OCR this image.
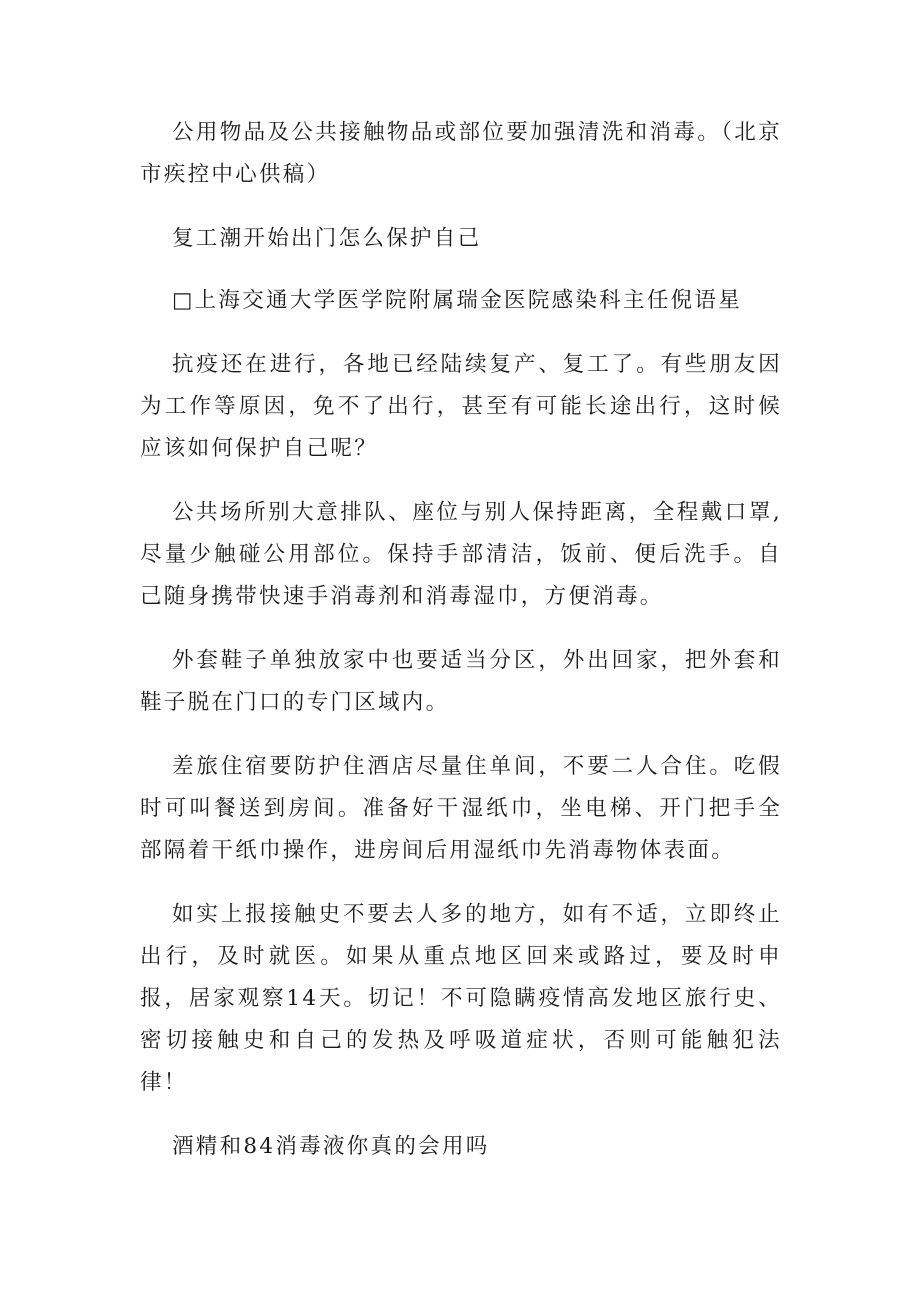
公用物品及公共接触物品或部位要加强清洗和消毒。（北京市疾控中心供稿）

复工潮开始出门怎么保护自己

□上海交通大学医学院附属瑞金医院感染科主任倪语星

抗疫还在进行，各地已经陆续复产、复工了。有些朋友因为工作等原因，免不了出行，甚至有可能长途出行，这时候应该如何保护自己呢？

公共场所别大意排队、座位与别人保持距离，全程戴口罩,尽量少触碰公用部位。保持手部清洁，饭前、便后洗手。自己随身携带快速手消毒剂和消毒湿巾，方便消毒。

外套鞋子单独放家中也要适当分区，外出回家，把外套和鞋子脱在门口的专门区域内。

差旅住宿要防护住酒店尽量住单间，不要二人合住。吃假时可叫餐送到房间。准备好干湿纸巾，坐电梯、开门把手全部隔着干纸巾操作，进房间后用湿纸巾先消毒物体表面。

如实上报接触史不要去人多的地方，如有不适，立即终止出行，及时就医。如果从重点地区回来或路过，要及时申报，居家观察14天。切记！不可隐瞒疫情高发地区旅行史、密切接触史和自己的发热及呼吸道症状，否则可能触犯法律！

酒精和84消毒液你真的会用吗
